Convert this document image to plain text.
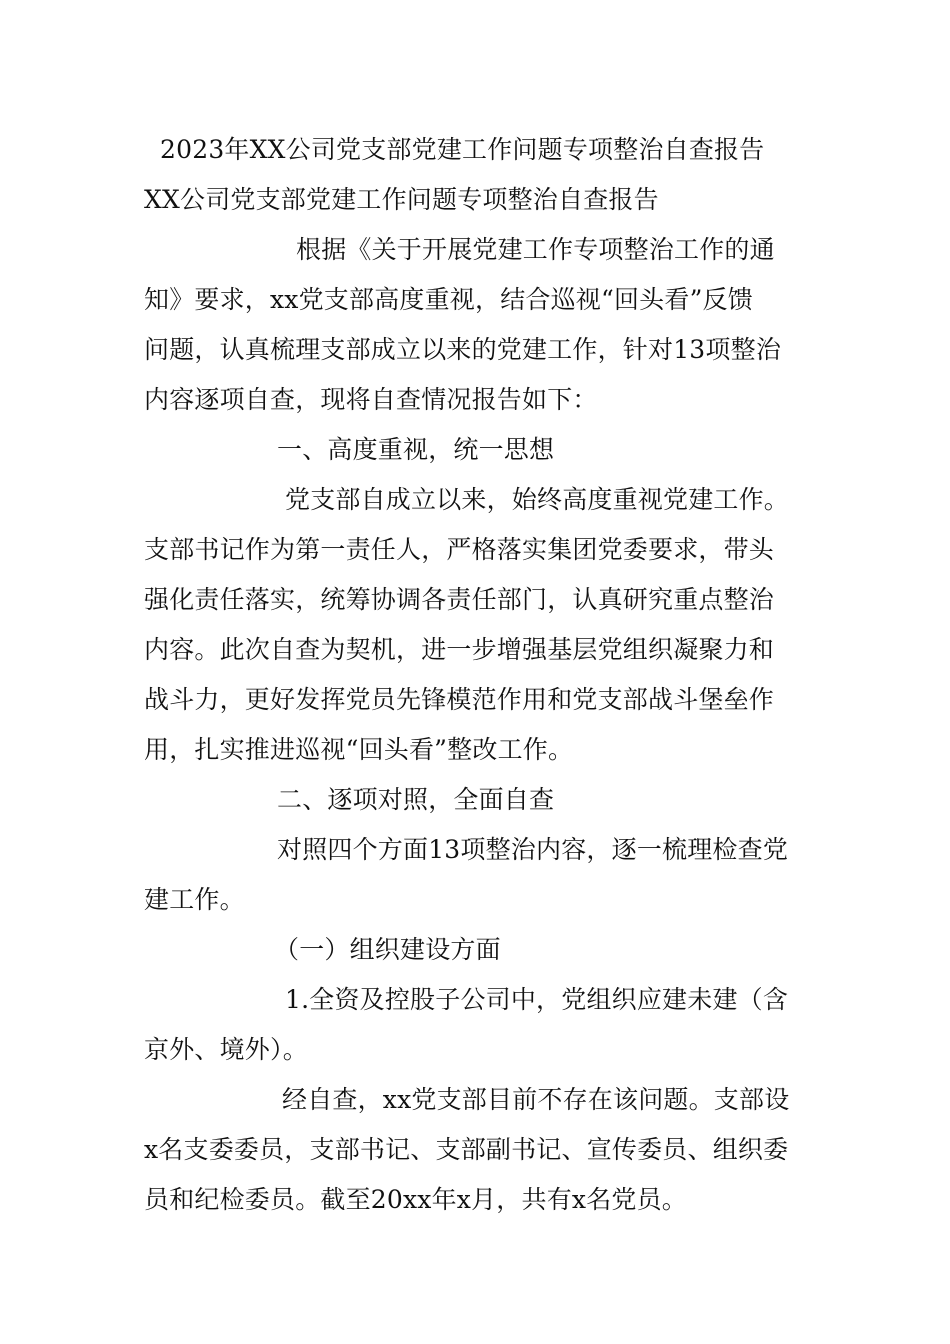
2023年XX公司党支部党建工作问题专项整治自查报告
XX公司党支部党建工作问题专项整治自查报告
根据《关于开展党建工作专项整治工作的通
知》要求，xx党支部高度重视，结合巡视“回头看”反馈
问题，认真梳理支部成立以来的党建工作，针对13项整治
内容逐项自查，现将自查情况报告如下：
一、高度重视，统一思想
党支部自成立以来，始终高度重视党建工作。
支部书记作为第一责任人，严格落实集团党委要求，带头
强化责任落实，统筹协调各责任部门，认真研究重点整治
内容。此次自查为契机，进一步增强基层党组织凝聚力和
战斗力，更好发挥党员先锋模范作用和党支部战斗堡垒作
用，扎实推进巡视“回头看”整改工作。
二、逐项对照，全面自查
对照四个方面13项整治内容，逐一梳理检查党
建工作。
（一）组织建设方面
1.全资及控股子公司中，党组织应建未建（含
京外、境外）。
经自查，xx党支部目前不存在该问题。支部设
x名支委委员，支部书记、支部副书记、宣传委员、组织委
员和纪检委员。截至20xx年x月，共有x名党员。
